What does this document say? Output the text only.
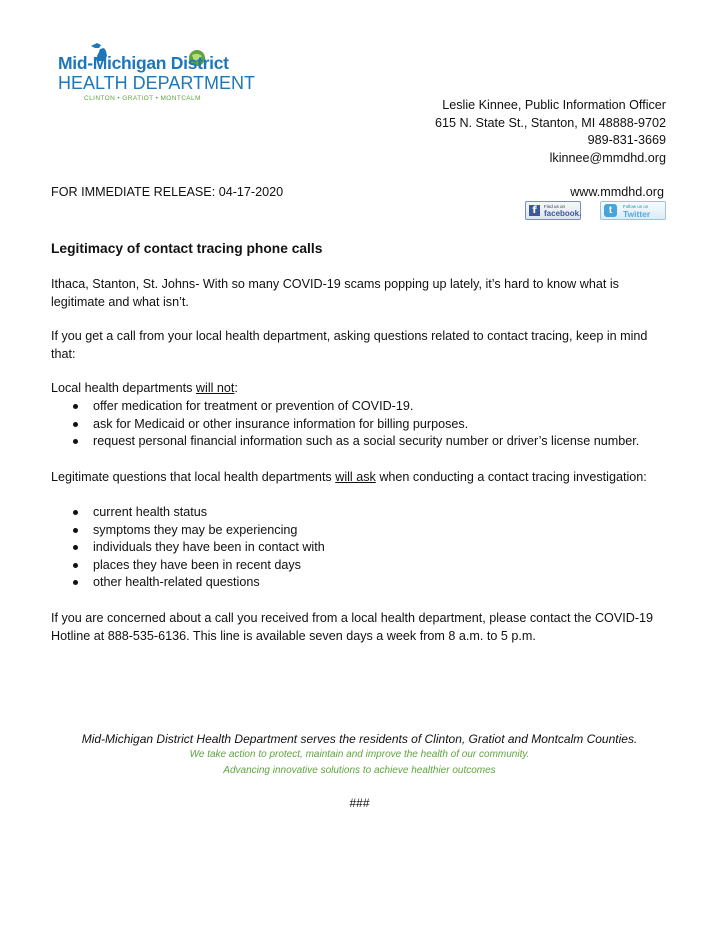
Mid-Michigan District
HEALTH DEPARTMENT
CLINTON • GRATIOT • MONTCALM	Leslie Kinnee, Public Information Officer
615 N. State St., Stanton, MI 48888-9702
989-831-3669
lkinnee@mmdhd.org
FOR IMMEDIATE RELEASE: 04-17-2020	www.mmdhd.org
f	Find us on
facebook.	t	Follow us on
Twitter
Legitimacy of contact tracing phone calls
Ithaca, Stanton, St. Johns- With so many COVID-19 scams popping up lately, it’s hard to know what is legitimate and what isn’t.
If you get a call from your local health department, asking questions related to contact tracing, keep in mind that:
Local health departments will not:
offer medication for treatment or prevention of COVID-19.
ask for Medicaid or other insurance information for billing purposes.
request personal financial information such as a social security number or driver’s license number.
Legitimate questions that local health departments will ask when conducting a contact tracing investigation:
current health status
symptoms they may be experiencing
individuals they have been in contact with
places they have been in recent days
other health-related questions
If you are concerned about a call you received from a local health department, please contact the COVID-19 Hotline at 888-535-6136. This line is available seven days a week from 8 a.m. to 5 p.m.
Mid-Michigan District Health Department serves the residents of Clinton, Gratiot and Montcalm Counties.
We take action to protect, maintain and improve the health of our community.
Advancing innovative solutions to achieve healthier outcomes
###
